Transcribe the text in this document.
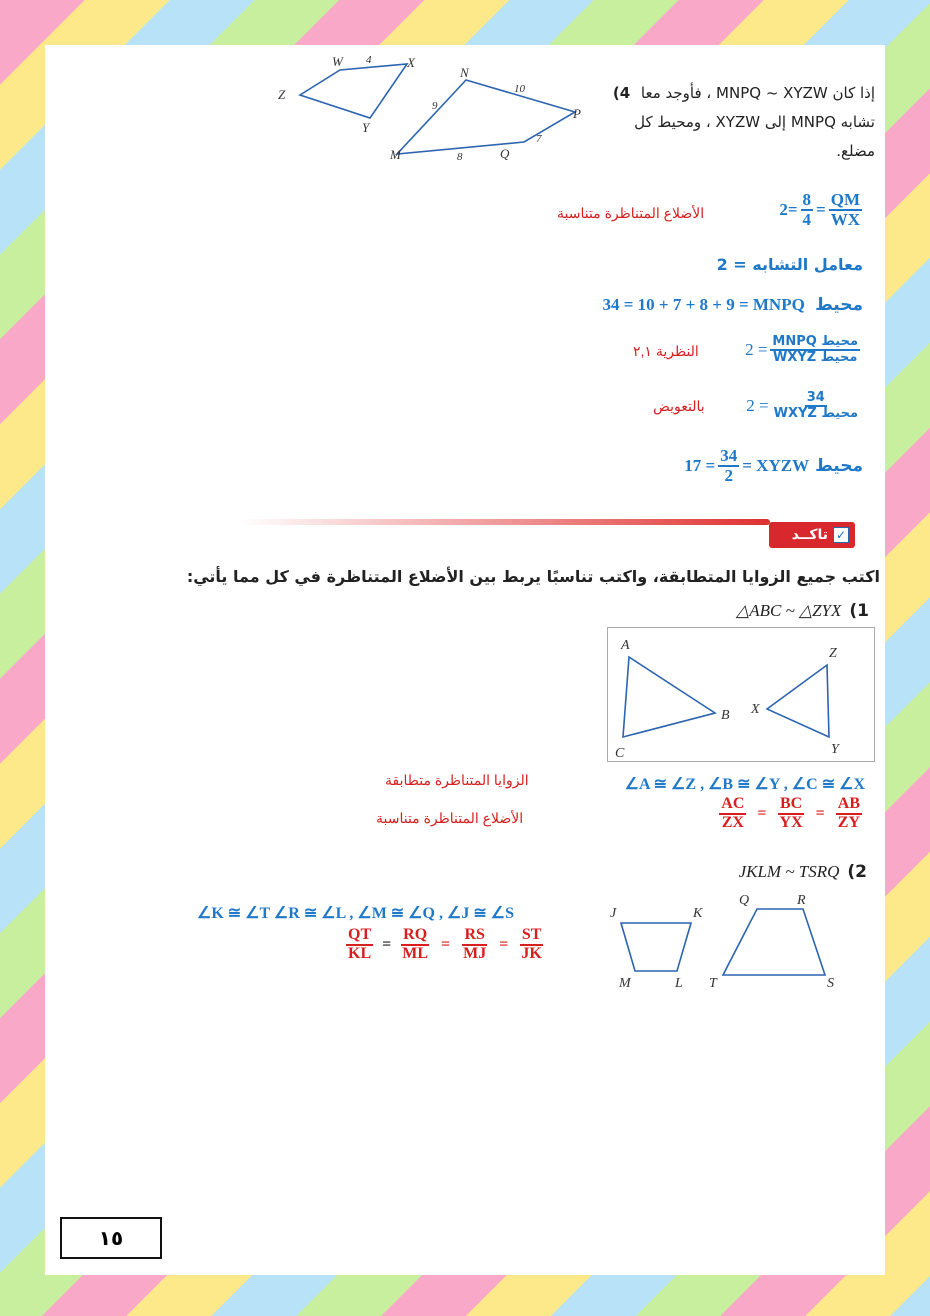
W 4	X
Z
Y
N
10
P
9
M	8	Q
7
إذا كان MNPQ ~ XYZW ، فأوجد معا 4)
تشابه MNPQ إلى XYZW ، ومحيط كل
مضلع.
$2= \frac{8}{4} = \frac{QM}{WX}$
الأضلاع المتناظرة متناسبة
معامل التشابه = 2
34 = 10 + 7 + 8 + 9 = MNPQ محيط
$2 = \frac{\text{محيط MNPQ}}{\text{محيط WXYZ}}$
النظرية ٢,١
$2 = \frac{34}{\text{محيط WXYZ}}$
بالتعويض
$17 = \frac{34}{2}$ = XYZW محيط
تاكــد ✓
اكتب جميع الزوايا المتطابقة، واكتب تناسبًا يربط بين الأضلاع المتناظرة في كل مما يأتي:
△ABC ~ △ZYX (1
A
B
C
X
Z
Y
∠A ≅ ∠Z , ∠B ≅ ∠Y , ∠C ≅ ∠X
الزوايا المتناظرة متطابقة
$\frac{AC}{ZX} = \frac{BC}{YX} = \frac{AB}{ZY}$
الأضلاع المتناظرة متناسبة
JKLM ~ TSRQ (2
J	K
M	L
Q	R
T	S
∠K ≅ ∠T ∠R ≅ ∠L , ∠M ≅ ∠Q , ∠J ≅ ∠S
$\frac{QT}{KL} = \frac{RQ}{ML} = \frac{RS}{MJ} = \frac{ST}{JK}$
١٥
